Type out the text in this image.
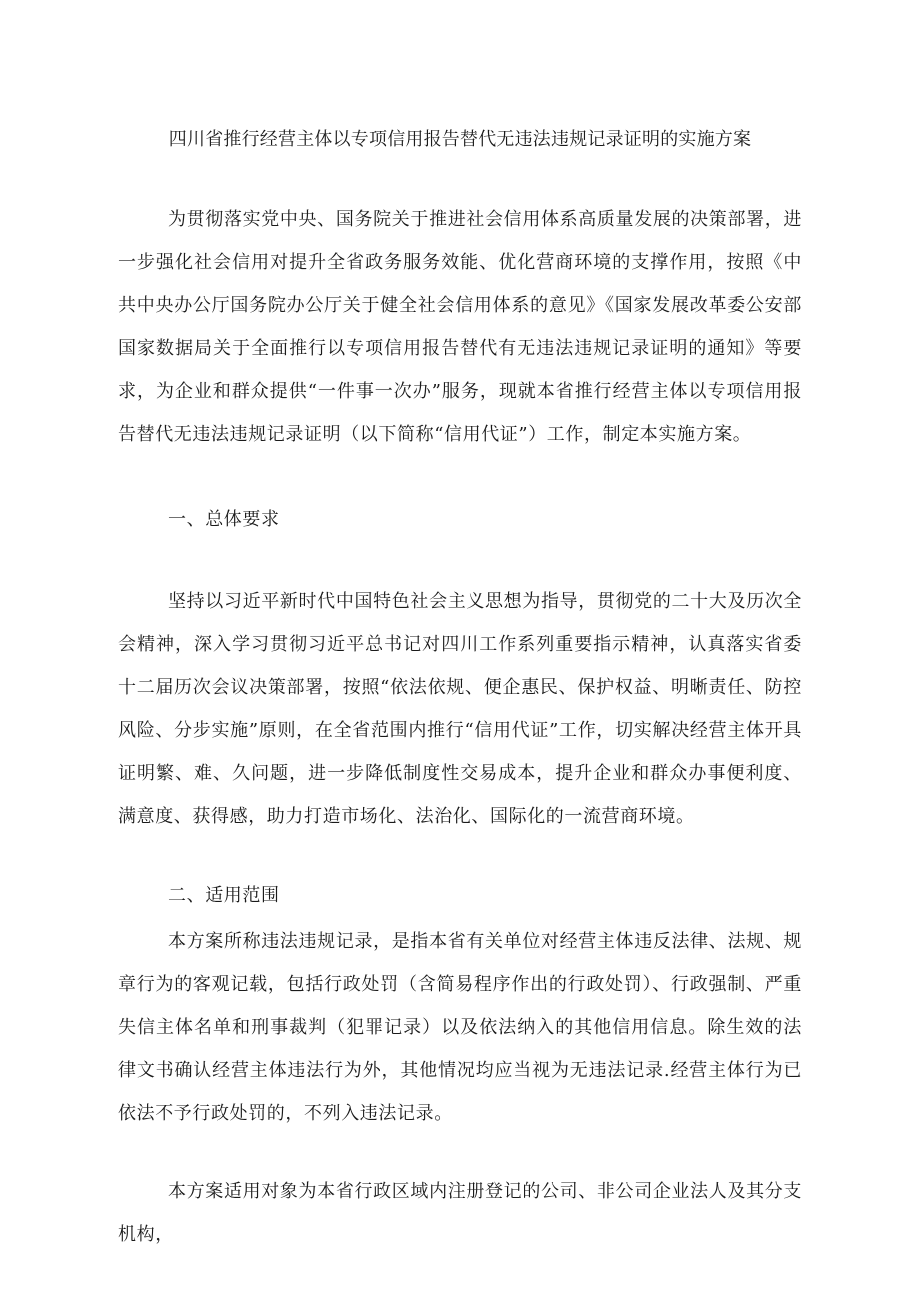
四川省推行经营主体以专项信用报告替代无违法违规记录证明的实施方案

为贯彻落实党中央、国务院关于推进社会信用体系高质量发展的决策部署，进一步强化社会信用对提升全省政务服务效能、优化营商环境的支撑作用，按照《中共中央办公厅国务院办公厅关于健全社会信用体系的意见》《国家发展改革委公安部国家数据局关于全面推行以专项信用报告替代有无违法违规记录证明的通知》等要求，为企业和群众提供“一件事一次办”服务，现就本省推行经营主体以专项信用报告替代无违法违规记录证明（以下简称“信用代证”）工作，制定本实施方案。

一、总体要求

坚持以习近平新时代中国特色社会主义思想为指导，贯彻党的二十大及历次全会精神，深入学习贯彻习近平总书记对四川工作系列重要指示精神，认真落实省委十二届历次会议决策部署，按照“依法依规、便企惠民、保护权益、明晰责任、防控风险、分步实施”原则，在全省范围内推行“信用代证”工作，切实解决经营主体开具证明繁、难、久问题，进一步降低制度性交易成本，提升企业和群众办事便利度、满意度、获得感，助力打造市场化、法治化、国际化的一流营商环境。

二、适用范围

本方案所称违法违规记录，是指本省有关单位对经营主体违反法律、法规、规章行为的客观记载，包括行政处罚（含简易程序作出的行政处罚）、行政强制、严重失信主体名单和刑事裁判（犯罪记录）以及依法纳入的其他信用信息。除生效的法律文书确认经营主体违法行为外，其他情况均应当视为无违法记录.经营主体行为已依法不予行政处罚的，不列入违法记录。

本方案适用对象为本省行政区域内注册登记的公司、非公司企业法人及其分支机构，
